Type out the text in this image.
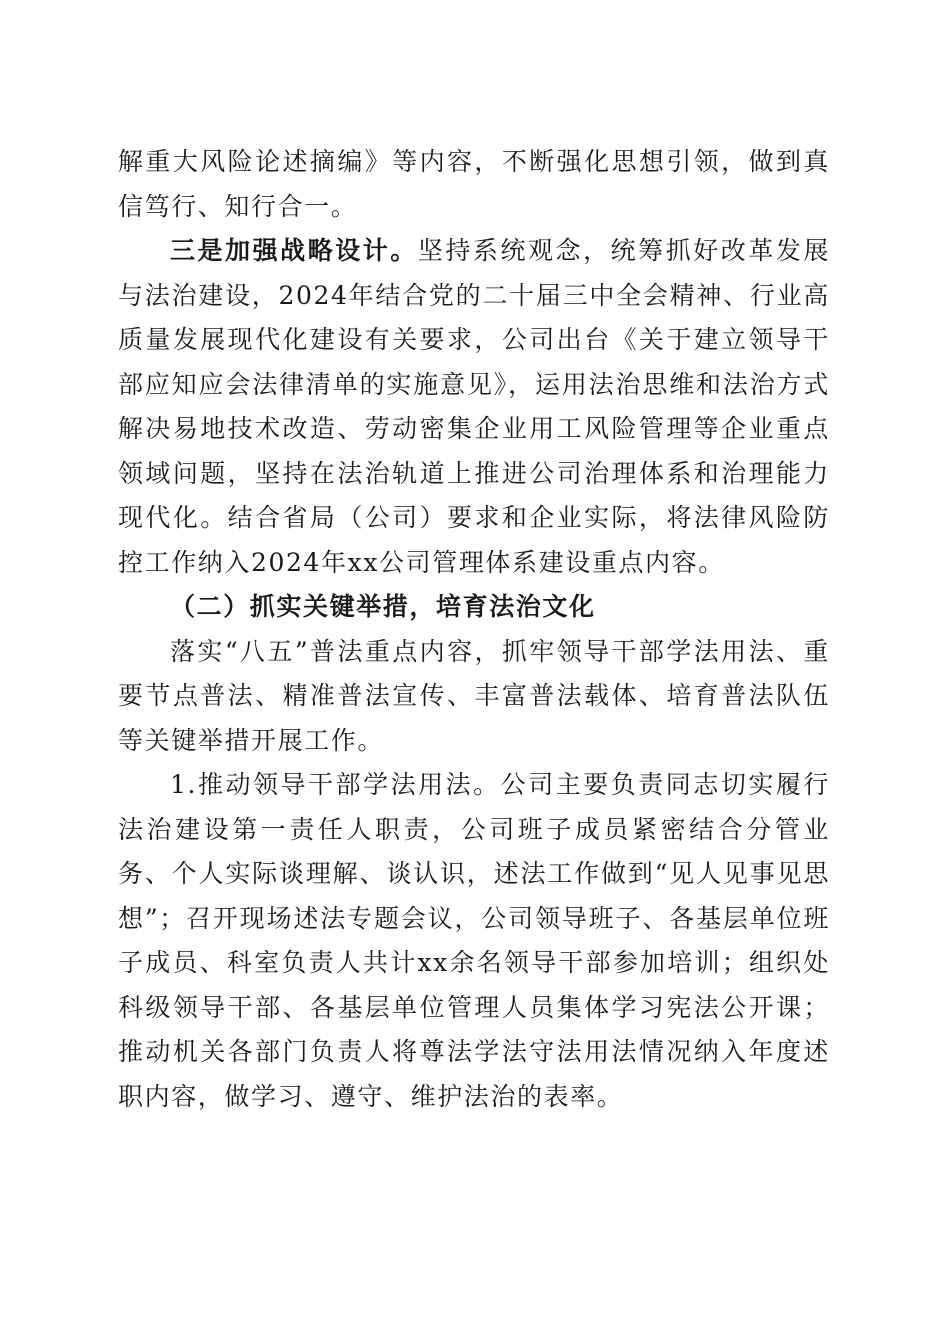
解重大风险论述摘编》等内容，不断强化思想引领，做到真信笃行、知行合一。

三是加强战略设计。坚持系统观念，统筹抓好改革发展与法治建设，2024年结合党的二十届三中全会精神、行业高质量发展现代化建设有关要求，公司出台《关于建立领导干部应知应会法律清单的实施意见》，运用法治思维和法治方式解决易地技术改造、劳动密集企业用工风险管理等企业重点领域问题，坚持在法治轨道上推进公司治理体系和治理能力现代化。结合省局（公司）要求和企业实际，将法律风险防控工作纳入2024年xx公司管理体系建设重点内容。

（二）抓实关键举措，培育法治文化

落实“八五”普法重点内容，抓牢领导干部学法用法、重要节点普法、精准普法宣传、丰富普法载体、培育普法队伍等关键举措开展工作。

1.推动领导干部学法用法。公司主要负责同志切实履行法治建设第一责任人职责，公司班子成员紧密结合分管业务、个人实际谈理解、谈认识，述法工作做到“见人见事见思想”；召开现场述法专题会议，公司领导班子、各基层单位班子成员、科室负责人共计xx余名领导干部参加培训；组织处科级领导干部、各基层单位管理人员集体学习宪法公开课；推动机关各部门负责人将尊法学法守法用法情况纳入年度述职内容，做学习、遵守、维护法治的表率。
